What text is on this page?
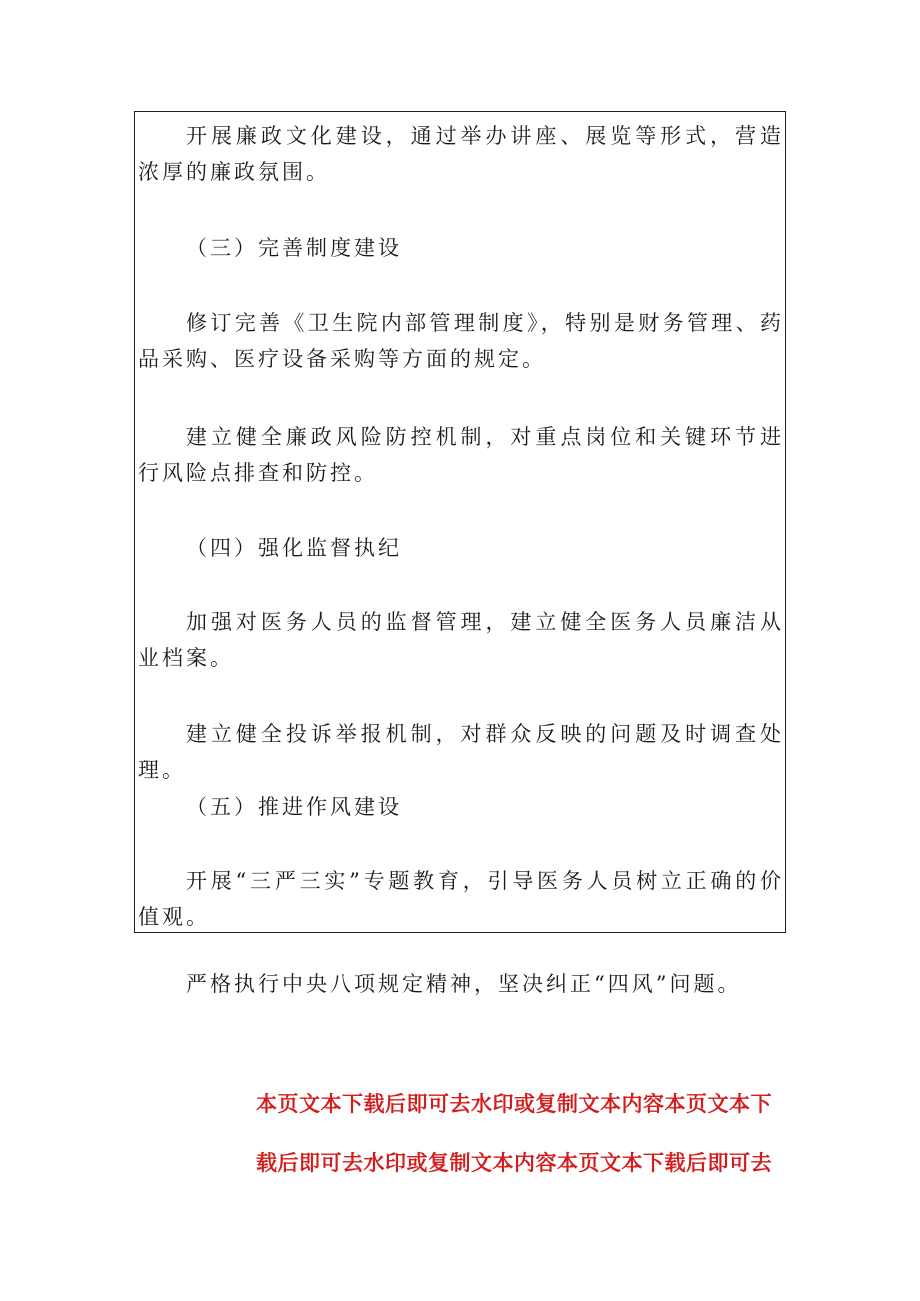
开展廉政文化建设，通过举办讲座、展览等形式，营造浓厚的廉政氛围。

（三）完善制度建设

修订完善《卫生院内部管理制度》，特别是财务管理、药品采购、医疗设备采购等方面的规定。

建立健全廉政风险防控机制，对重点岗位和关键环节进行风险点排查和防控。

（四）强化监督执纪

加强对医务人员的监督管理，建立健全医务人员廉洁从业档案。

建立健全投诉举报机制，对群众反映的问题及时调查处理。

（五）推进作风建设

开展“三严三实”专题教育，引导医务人员树立正确的价值观。

严格执行中央八项规定精神，坚决纠正“四风”问题。

本页文本下载后即可去水印或复制文本内容本页文本下

载后即可去水印或复制文本内容本页文本下载后即可去
